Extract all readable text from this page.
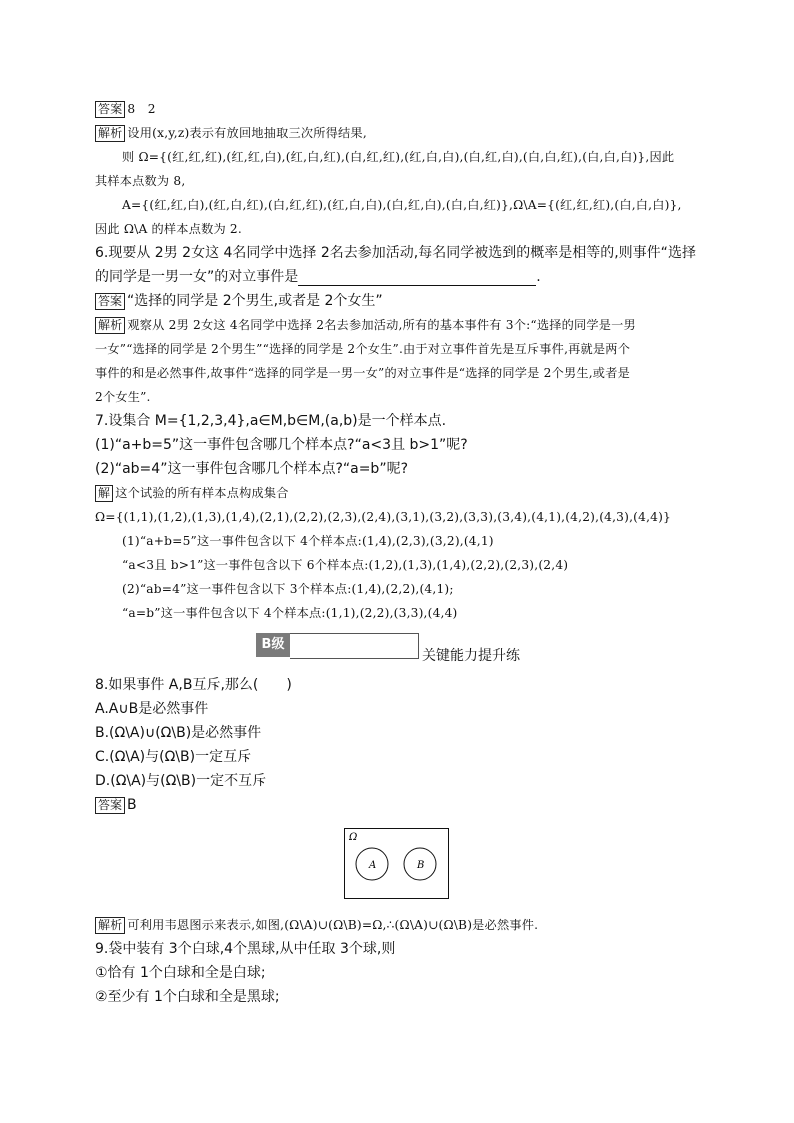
答案 8　2
解析 设用(x,y,z)表示有放回地抽取三次所得结果,
则 Ω={(红,红,红),(红,红,白),(红,白,红),(白,红,红),(红,白,白),(白,红,白),(白,白,红),(白,白,白)},因此
其样本点数为 8,
A={(红,红,白),(红,白,红),(白,红,红),(红,白,白),(白,红,白),(白,白,红)},Ω\A={(红,红,红),(白,白,白)},
因此 Ω\A 的样本点数为 2.
6.现要从 2男 2女这 4名同学中选择 2名去参加活动,每名同学被选到的概率是相等的,则事件“选择
的同学是一男一女”的对立事件是	.
答案 “选择的同学是 2个男生,或者是 2个女生”
解析 观察从 2男 2女这 4名同学中选择 2名去参加活动,所有的基本事件有 3个:“选择的同学是一男
一女”“选择的同学是 2个男生”“选择的同学是 2个女生”.由于对立事件首先是互斥事件,再就是两个
事件的和是必然事件,故事件“选择的同学是一男一女”的对立事件是“选择的同学是 2个男生,或者是
2个女生”.
7.设集合 M={1,2,3,4},a∈M,b∈M,(a,b)是一个样本点.
(1)“a+b=5”这一事件包含哪几个样本点?“a<3且 b>1”呢?
(2)“ab=4”这一事件包含哪几个样本点?“a=b”呢?
解 这个试验的所有样本点构成集合
Ω={(1,1),(1,2),(1,3),(1,4),(2,1),(2,2),(2,3),(2,4),(3,1),(3,2),(3,3),(3,4),(4,1),(4,2),(4,3),(4,4)}
(1)“a+b=5”这一事件包含以下 4个样本点:(1,4),(2,3),(3,2),(4,1)
“a<3且 b>1”这一事件包含以下 6个样本点:(1,2),(1,3),(1,4),(2,2),(2,3),(2,4)
(2)“ab=4”这一事件包含以下 3个样本点:(1,4),(2,2),(4,1);
“a=b”这一事件包含以下 4个样本点:(1,1),(2,2),(3,3),(4,4)
B级
关键能力提升练
8.如果事件 A,B互斥,那么(　　)
A.A∪B是必然事件
B.(Ω\A)∪(Ω\B)是必然事件
C.(Ω\A)与(Ω\B)一定互斥
D.(Ω\A)与(Ω\B)一定不互斥
答案 B
Ω
A	B
解析 可利用韦恩图示来表示,如图,(Ω\A)∪(Ω\B)=Ω,∴(Ω\A)∪(Ω\B)是必然事件.
9.袋中装有 3个白球,4个黑球,从中任取 3个球,则
①恰有 1个白球和全是白球;
②至少有 1个白球和全是黑球;
